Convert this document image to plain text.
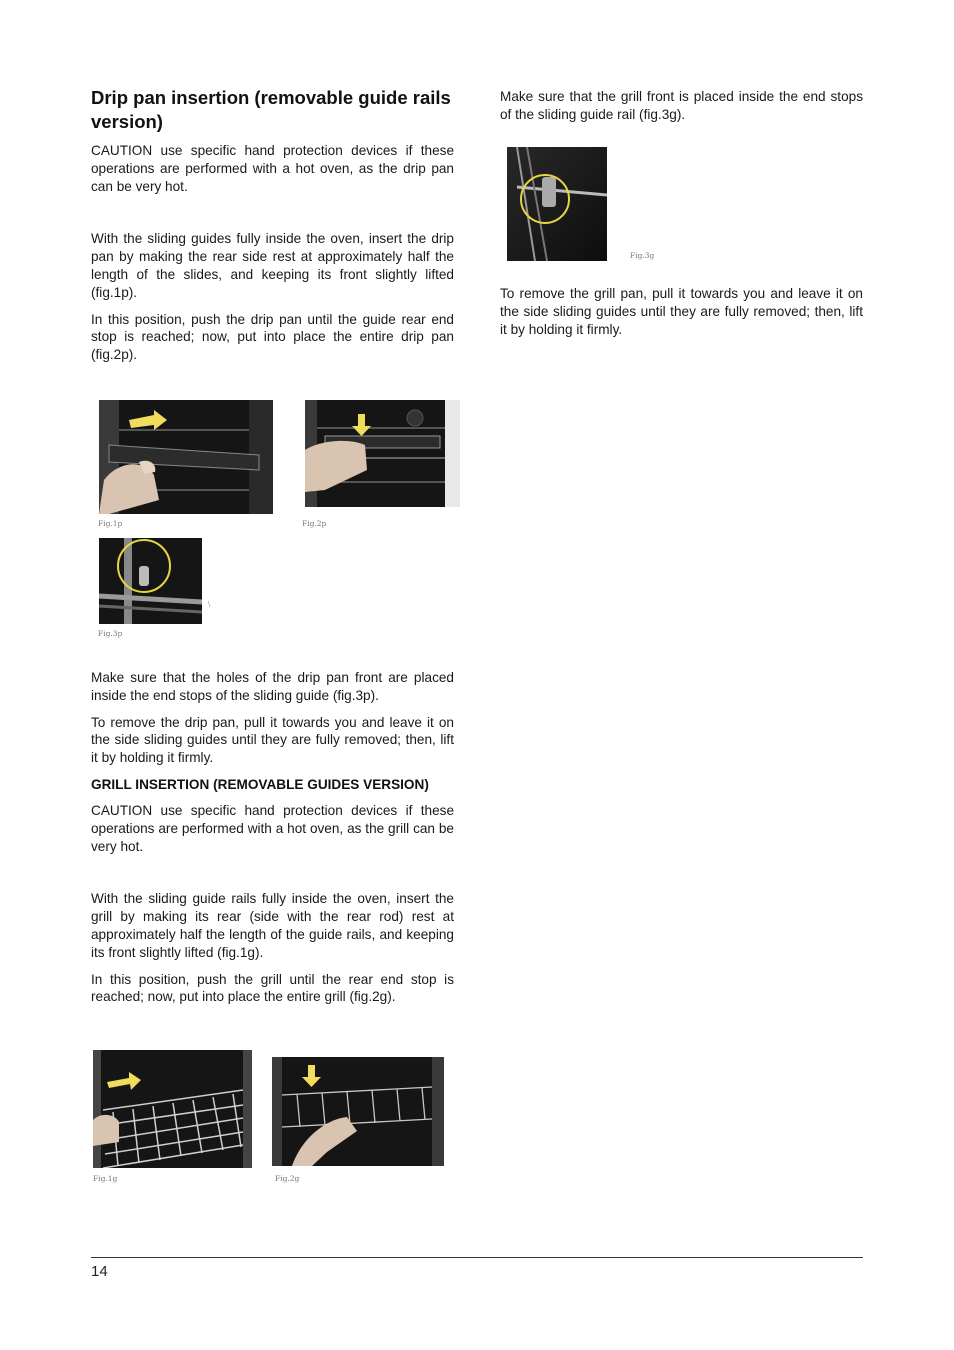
Drip pan insertion (removable guide rails version)

CAUTION use specific hand protection devices if these operations are performed with a hot oven, as the drip pan can be very hot.

With the sliding guides fully inside the oven, insert the drip pan by making the rear side rest at approximately half the length of the slides, and keeping its front slightly lifted (fig.1p).

In this position, push the drip pan until the guide rear end stop is reached; now, put into place the entire drip pan (fig.2p).

Fig.1p	Fig.2p
\
Fig.3p

Make sure that the holes of the drip pan front are placed inside the end stops of the sliding guide (fig.3p).

To remove the drip pan, pull it towards you and leave it on the side sliding guides until they are fully removed; then, lift it by holding it firmly.

GRILL INSERTION (REMOVABLE GUIDES VERSION)

CAUTION use specific hand protection devices if these operations are performed with a hot oven, as the grill can be very hot.

With the sliding guide rails fully inside the oven, insert the grill by making its rear (side with the rear rod) rest at approximately half the length of the guide rails, and keeping its front slightly lifted (fig.1g).

In this position, push the grill until the rear end stop is reached; now, put into place the entire grill (fig.2g).

Fig.1g	Fig.2g

Make sure that the grill front is placed inside the end stops of the sliding guide rail (fig.3g).

Fig.3g

To remove the grill pan, pull it towards you and leave it on the side sliding guides until they are fully removed; then, lift it by holding it firmly.

14
